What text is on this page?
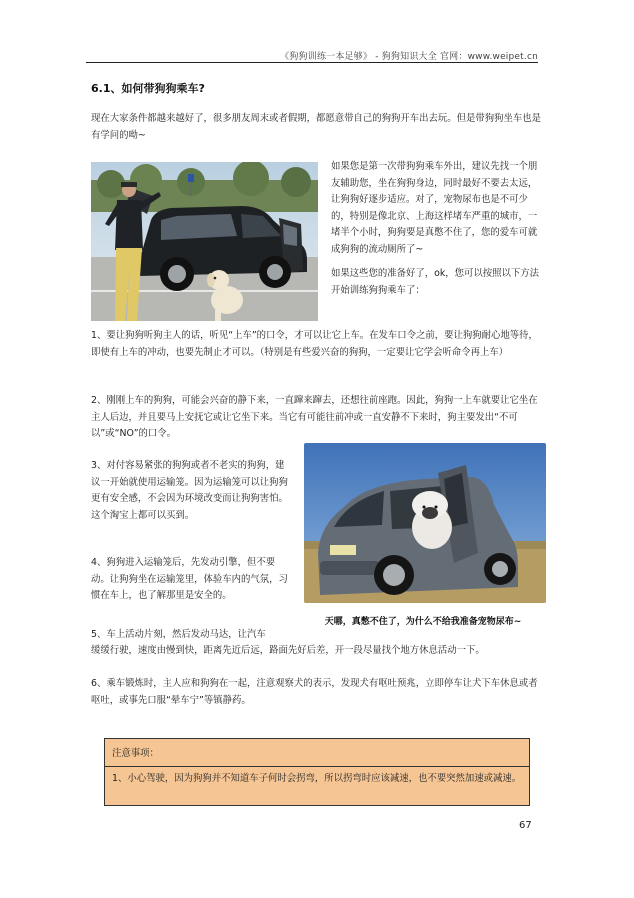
《狗狗训练一本足够》 - 狗狗知识大全 官网：www.weipet.cn
6.1、如何带狗狗乘车?

现在大家条件都越来越好了，很多朋友周末或者假期，都愿意带自己的狗狗开车出去玩。但是带狗狗坐车也是有学问的呦~

如果您是第一次带狗狗乘车外出，建议先找一个朋友辅助您，坐在狗狗身边，同时最好不要去太远，让狗狗好逐步适应。对了，宠物尿布也是不可少的，特别是像北京、上海这样堵车严重的城市，一堵半个小时，狗狗要是真憋不住了，您的爱车可就成狗狗的流动厕所了~

如果这些您的准备好了，ok，您可以按照以下方法开始训练狗狗乘车了：

1、要让狗狗听狗主人的话，听见“上车”的口令，才可以让它上车。在发车口令之前，要让狗狗耐心地等待，即使有上车的冲动，也要先制止才可以。（特别是有些爱兴奋的狗狗，一定要让它学会听命令再上车）

2、刚刚上车的狗狗，可能会兴奋的静下来，一直蹿来蹿去，还想往前座跑。因此，狗狗一上车就要让它坐在主人后边，并且要马上安抚它或让它坐下来。当它有可能往前冲或一直安静不下来时，狗主要发出“不可以”或“NO”的口令。

3、对付容易紧张的狗狗或者不老实的狗狗，建议一开始就使用运输笼。因为运输笼可以让狗狗更有安全感，不会因为环境改变而让狗狗害怕。这个淘宝上都可以买到。

4、狗狗进入运输笼后，先发动引擎，但不要动。让狗狗坐在运输笼里，体验车内的气氛，习惯在车上，也了解那里是安全的。

5、车上活动片刻，然后发动马达，让汽车

缓缓行驶，速度由慢到快，距离先近后远，路面先好后差，开一段尽量找个地方休息活动一下。

天哪，真憋不住了，为什么不给我准备宠物尿布~

6、乘车锻炼时，主人应和狗狗在一起，注意观察犬的表示，发现犬有呕吐预兆，立即停车让犬下车休息或者呕吐，或事先口服“晕车宁”等镇静药。

注意事项：

1、小心驾驶，因为狗狗并不知道车子何时会拐弯，所以拐弯时应该减速，也不要突然加速或减速。

67
